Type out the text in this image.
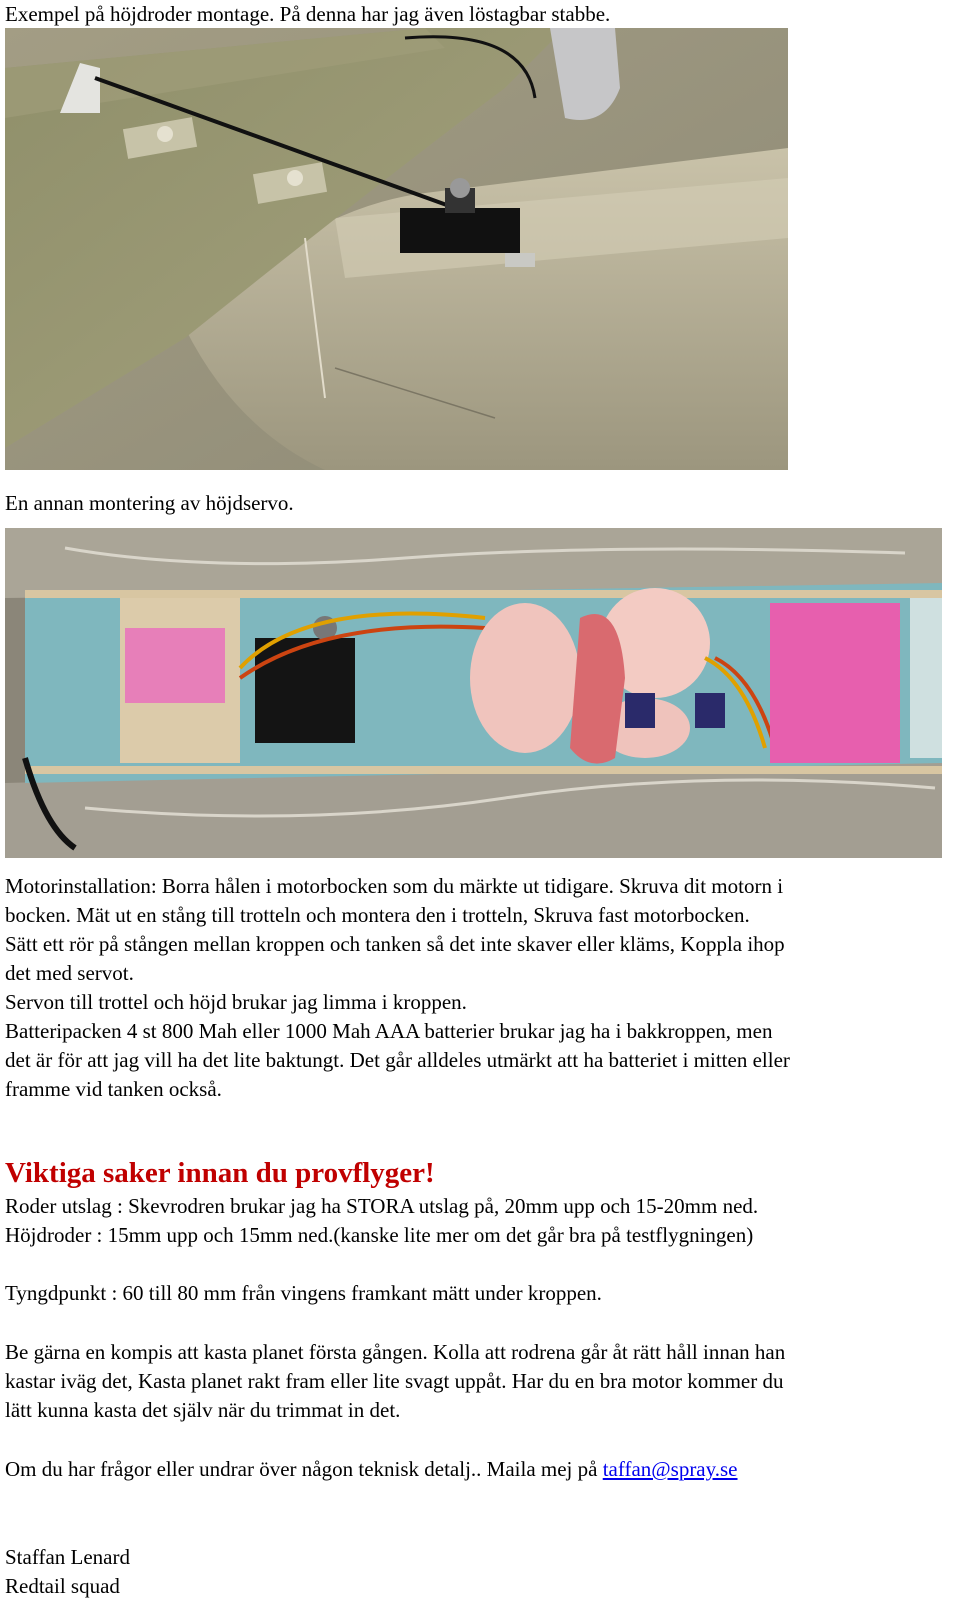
Exempel på höjdroder montage. På denna har jag även löstagbar stabbe.
En annan montering av höjdservo.
Motorinstallation: Borra hålen i motorbocken som du märkte ut tidigare. Skruva dit motorn i
bocken. Mät ut en stång till trotteln och montera den i trotteln, Skruva fast motorbocken.
Sätt ett rör på stången mellan kroppen och tanken så det inte skaver eller kläms, Koppla ihop
det med servot.
Servon till trottel och höjd brukar jag limma i kroppen.
Batteripacken 4 st 800 Mah eller 1000 Mah AAA batterier brukar jag ha i bakkroppen, men
det är för att jag vill ha det lite baktungt. Det går alldeles utmärkt att ha batteriet i mitten eller
framme vid tanken också.
Viktiga saker innan du provflyger!
Roder utslag : Skevrodren brukar jag ha STORA utslag på, 20mm upp och 15-20mm ned.
Höjdroder : 15mm upp och 15mm ned.(kanske lite mer om det går bra på testflygningen)
Tyngdpunkt : 60 till 80 mm från vingens framkant mätt under kroppen.
Be gärna en kompis att kasta planet första gången. Kolla att rodrena går åt rätt håll innan han
kastar iväg det, Kasta planet rakt fram eller lite svagt uppåt. Har du en bra motor kommer du
lätt kunna kasta det själv när du trimmat in det.
Om du har frågor eller undrar över någon teknisk detalj.. Maila mej på taffan@spray.se
Staffan Lenard
Redtail squad
